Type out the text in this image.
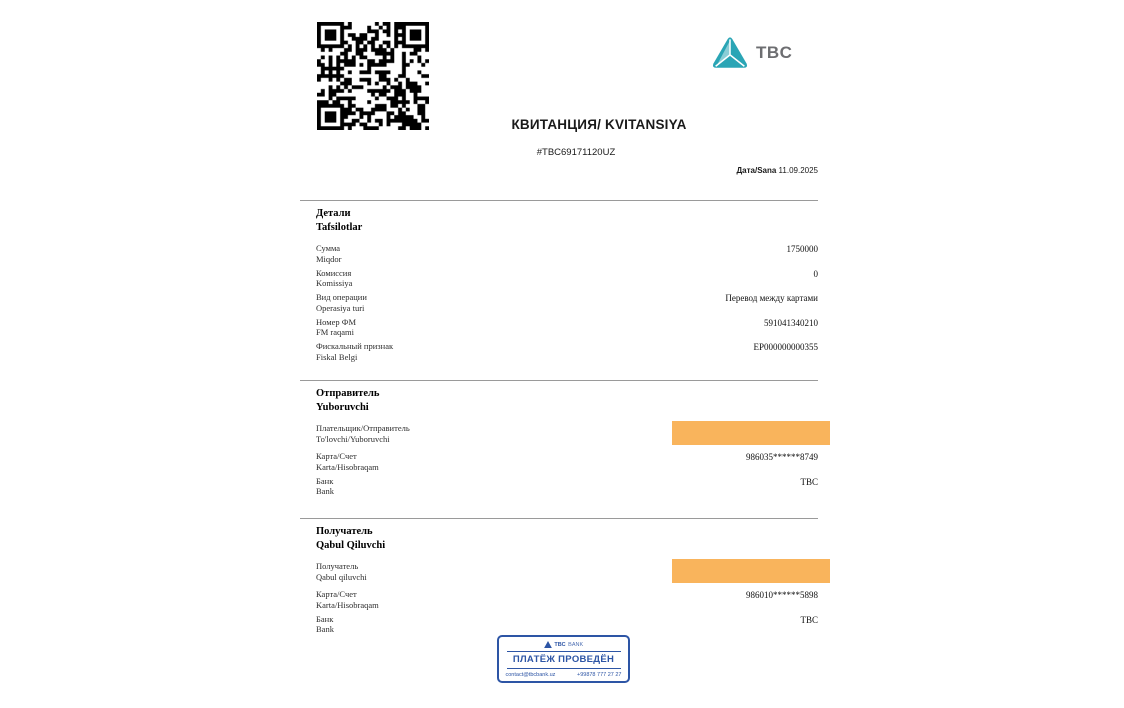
TBC
КВИТАНЦИЯ/ KVITANSIYA
#TBC69171120UZ
Дата/Sana 11.09.2025
Детали
Tafsilotlar
Сумма
Miqdor
1750000
Комиссия
Komissiya
0
Вид операции
Operasiya turi
Перевод между картами
Номер ФМ
FM raqami
591041340210
Фискальный признак
Fiskal Belgi
EP000000000355
Отправитель
Yuboruvchi
Плательщик/Отправитель
To'lovchi/Yuboruvchi
Карта/Счет
Karta/Hisobraqam
986035******8749
Банк
Bank
TBC
Получатель
Qabul Qiluvchi
Получатель
Qabul qiluvchi
Карта/Счет
Karta/Hisobraqam
986010******5898
Банк
Bank
TBC
TBC BANK
ПЛАТЁЖ ПРОВЕДЁН
contact@tbcbank.uz	+99878 777 27 27
